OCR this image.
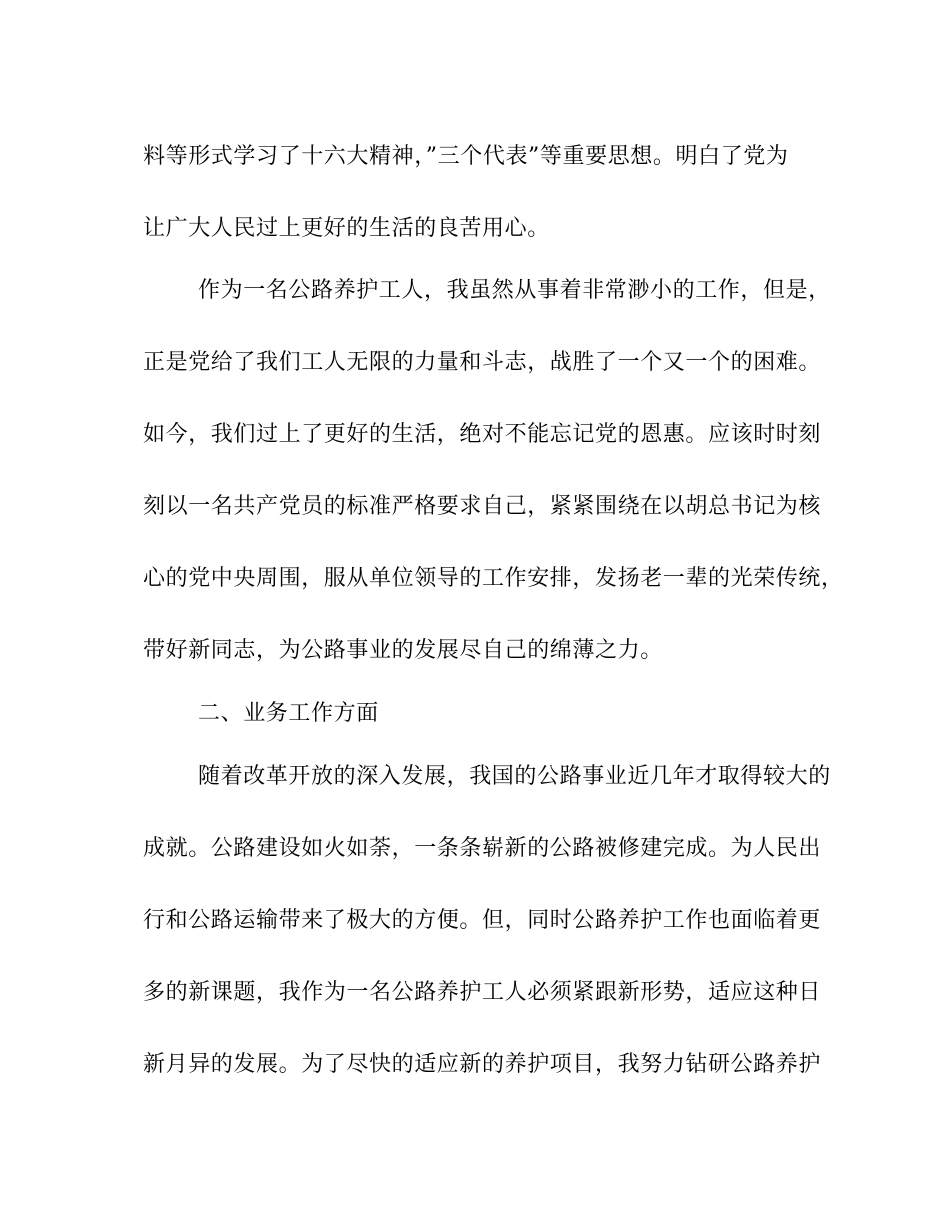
料等形式学习了十六大精神，”三个代表”等重要思想。明白了党为
让广大人民过上更好的生活的良苦用心。
作为一名公路养护工人，我虽然从事着非常渺小的工作，但是，
正是党给了我们工人无限的力量和斗志，战胜了一个又一个的困难。
如今，我们过上了更好的生活，绝对不能忘记党的恩惠。应该时时刻
刻以一名共产党员的标准严格要求自己，紧紧围绕在以胡总书记为核
心的党中央周围，服从单位领导的工作安排，发扬老一辈的光荣传统，
带好新同志，为公路事业的发展尽自己的绵薄之力。
二、业务工作方面
随着改革开放的深入发展，我国的公路事业近几年才取得较大的
成就。公路建设如火如荼，一条条崭新的公路被修建完成。为人民出
行和公路运输带来了极大的方便。但，同时公路养护工作也面临着更
多的新课题，我作为一名公路养护工人必须紧跟新形势，适应这种日
新月异的发展。为了尽快的适应新的养护项目，我努力钻研公路养护
